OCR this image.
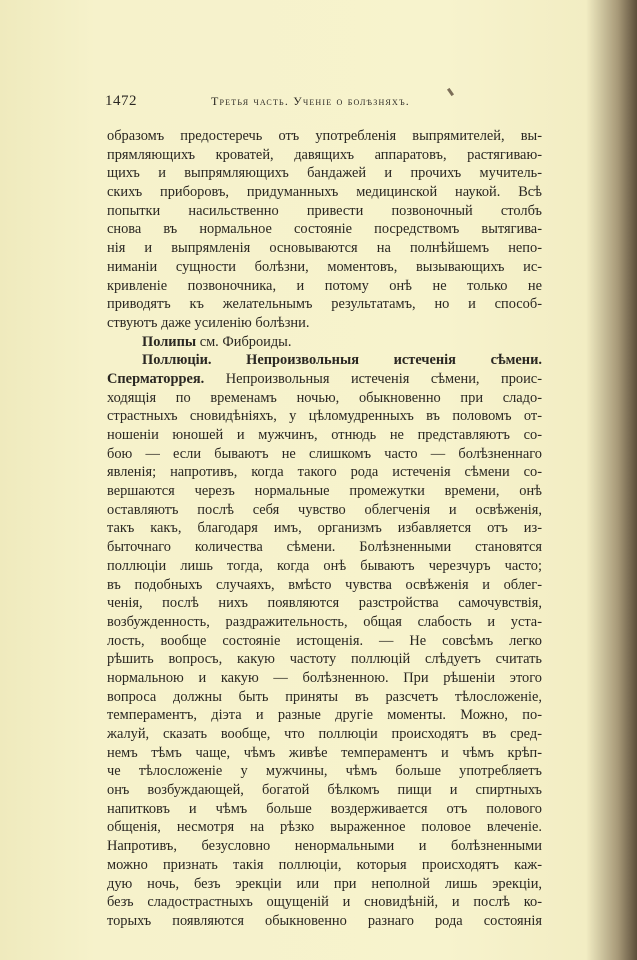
1472	Третья часть. Ученіе о болѣзняхъ.
образомъ предостеречь отъ употребленія выпрямителей, вы-
прямляющихъ кроватей, давящихъ аппаратовъ, растягиваю-
щихъ и выпрямляющихъ бандажей и прочихъ мучитель-
скихъ приборовъ, придуманныхъ медицинской наукой. Всѣ
попытки насильственно привести позвоночный столбъ
снова въ нормальное состояніе посредствомъ вытягива-
нія и выпрямленія основываются на полнѣйшемъ непо-
ниманіи сущности болѣзни, моментовъ, вызывающихъ ис-
кривленіе позвоночника, и потому онѣ не только не
приводятъ къ желательнымъ результатамъ, но и способ-
ствуютъ даже усиленію болѣзни.
Полипы см. Фиброиды.
Поллюціи. Непроизвольныя истеченія сѣмени.
Сперматоррея. Непроизвольныя истеченія сѣмени, проис-
ходящія по временамъ ночью, обыкновенно при сладо-
страстныхъ сновидѣніяхъ, у цѣломудренныхъ въ половомъ от-
ношеніи юношей и мужчинъ, отнюдь не представляютъ со-
бою — если бываютъ не слишкомъ часто — болѣзненнаго
явленія; напротивъ, когда такого рода истеченія сѣмени со-
вершаются черезъ нормальные промежутки времени, онѣ
оставляютъ послѣ себя чувство облегченія и освѣженія,
такъ какъ, благодаря имъ, организмъ избавляется отъ из-
быточнаго количества сѣмени. Болѣзненными становятся
поллюціи лишь тогда, когда онѣ бываютъ черезчуръ часто;
въ подобныхъ случаяхъ, вмѣсто чувства освѣженія и облег-
ченія, послѣ нихъ появляются разстройства самочувствія,
возбужденность, раздражительность, общая слабость и уста-
лость, вообще состояніе истощенія. — Не совсѣмъ легко
рѣшить вопросъ, какую частоту поллюцій слѣдуетъ считать
нормальною и какую — болѣзненною. При рѣшеніи этого
вопроса должны быть приняты въ разсчетъ тѣлосложеніе,
темпераментъ, діэта и разные другіе моменты. Можно, по-
жалуй, сказать вообще, что поллюціи происходятъ въ сред-
немъ тѣмъ чаще, чѣмъ живѣе темпераментъ и чѣмъ крѣп-
че тѣлосложеніе у мужчины, чѣмъ больше употребляетъ
онъ возбуждающей, богатой бѣлкомъ пищи и спиртныхъ
напитковъ и чѣмъ больше воздерживается отъ полового
общенія, несмотря на рѣзко выраженное половое влеченіе.
Напротивъ, безусловно ненормальными и болѣзненными
можно признать такія поллюціи, которыя происходятъ каж-
дую ночь, безъ эрекціи или при неполной лишь эрекціи,
безъ сладострастныхъ ощущеній и сновидѣній, и послѣ ко-
торыхъ появляются обыкновенно разнаго рода состоянія
